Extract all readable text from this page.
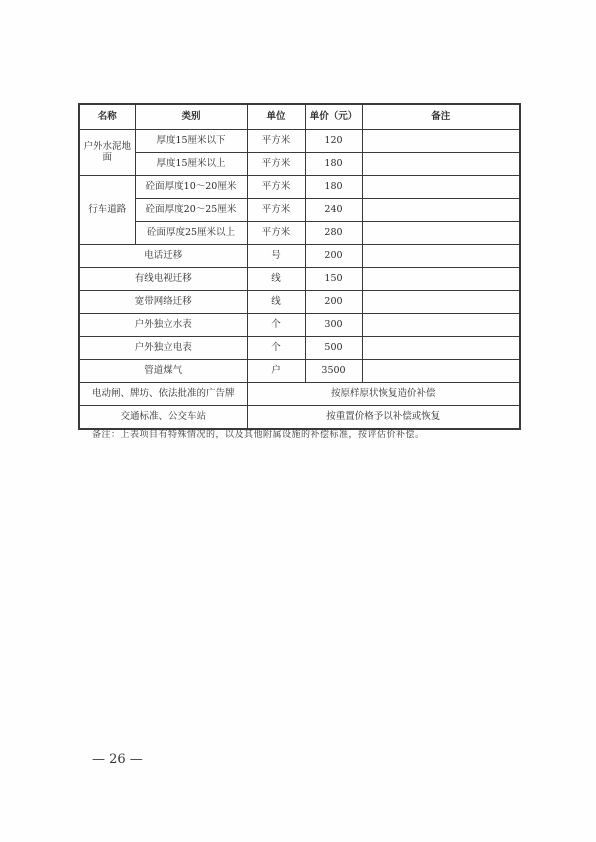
名称	类别	单位	单价（元）	备注
户外水泥地面	厚度15厘米以下	平方米	120	
	厚度15厘米以上	平方米	180	
行车道路	砼面厚度10～20厘米	平方米	180	
	砼面厚度20～25厘米	平方米	240	
	砼面厚度25厘米以上	平方米	280	
电话迁移		号	200	
有线电视迁移		线	150	
宽带网络迁移		线	200	
户外独立水表		个	300	
户外独立电表		个	500	
管道煤气		户	3500	
电动闸、牌坊、依法批准的广告牌		按原样原状恢复造价补偿		
交通标准、公交车站		按重置价格予以补偿或恢复		
备注：上表项目有特殊情况的，以及其他附属设施的补偿标准，按评估价补偿。
— 26 —
